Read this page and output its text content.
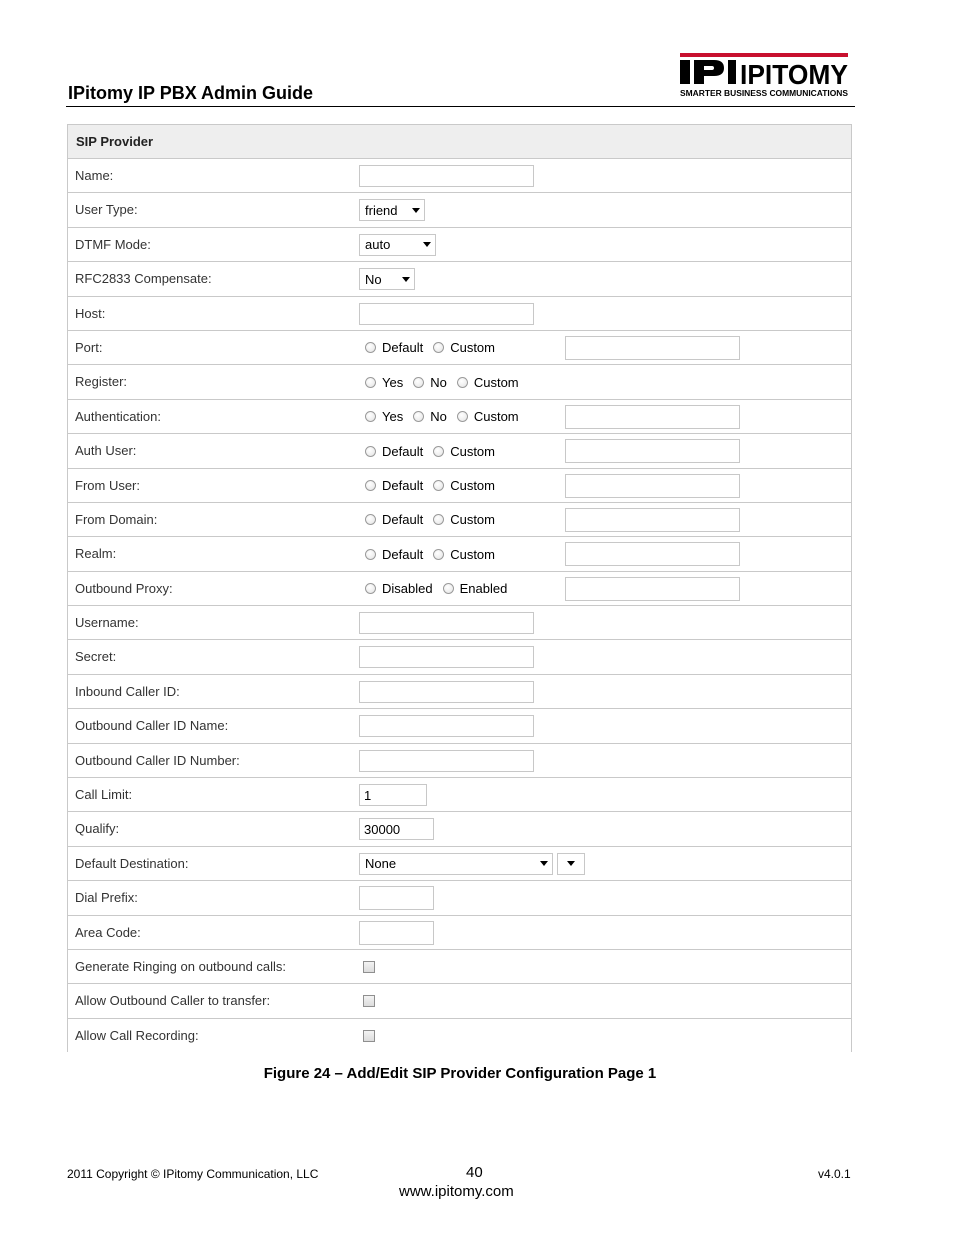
IPitomy IP PBX Admin Guide
IPITOMY
SMARTER BUSINESS COMMUNICATIONS
SIP Provider
Name:
User Type:	friend
DTMF Mode:	auto
RFC2833 Compensate:	No
Host:
Port:	Default Custom
Register:	Yes No Custom
Authentication:	Yes No Custom
Auth User:	Default Custom
From User:	Default Custom
From Domain:	Default Custom
Realm:	Default Custom
Outbound Proxy:	Disabled Enabled
Username:
Secret:
Inbound Caller ID:
Outbound Caller ID Name:
Outbound Caller ID Number:
Call Limit:	1
Qualify:	30000
Default Destination:	None
Dial Prefix:
Area Code:
Generate Ringing on outbound calls:
Allow Outbound Caller to transfer:
Allow Call Recording:
Figure 24 – Add/Edit SIP Provider Configuration Page 1
2011 Copyright © IPitomy Communication, LLC	40
www.ipitomy.com
v4.0.1
